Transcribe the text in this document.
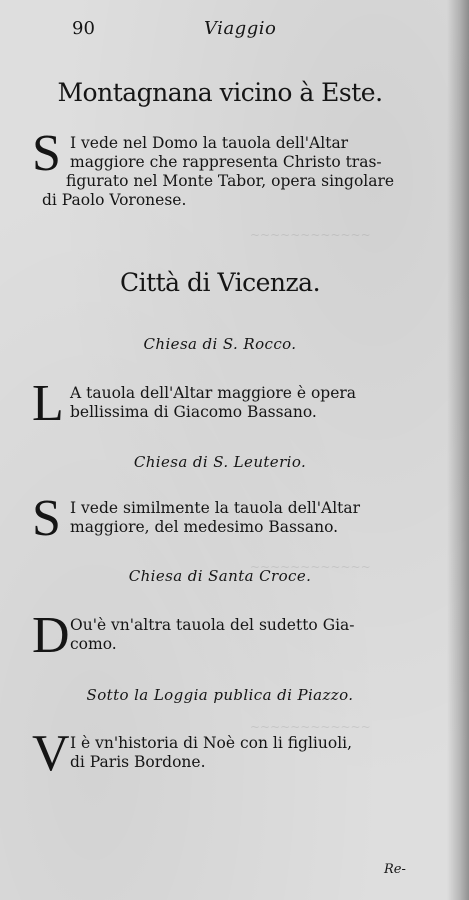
~~~~~~~~~~~~
~~~~~~~~~~~~
~~~~~~~~~~~~
90	Viaggio
Montagnana vicino à Este.
S I vede nel Domo la tauola dell'Altar
maggiore che rappresenta Christo tras-
figurato nel Monte Tabor, opera singolare
di Paolo Voronese.
Città di Vicenza.
Chiesa di S. Rocco.
L A tauola dell'Altar maggiore è opera
bellissima di Giacomo Bassano.
Chiesa di S. Leuterio.
S I vede similmente la tauola dell'Altar
maggiore, del medesimo Bassano.
Chiesa di Santa Croce.
D Ou'è vn'altra tauola del sudetto Gia-
como.
Sotto la Loggia publica di Piazzo.
V I è vn'historia di Noè con li figliuoli,
di Paris Bordone.
Re-
